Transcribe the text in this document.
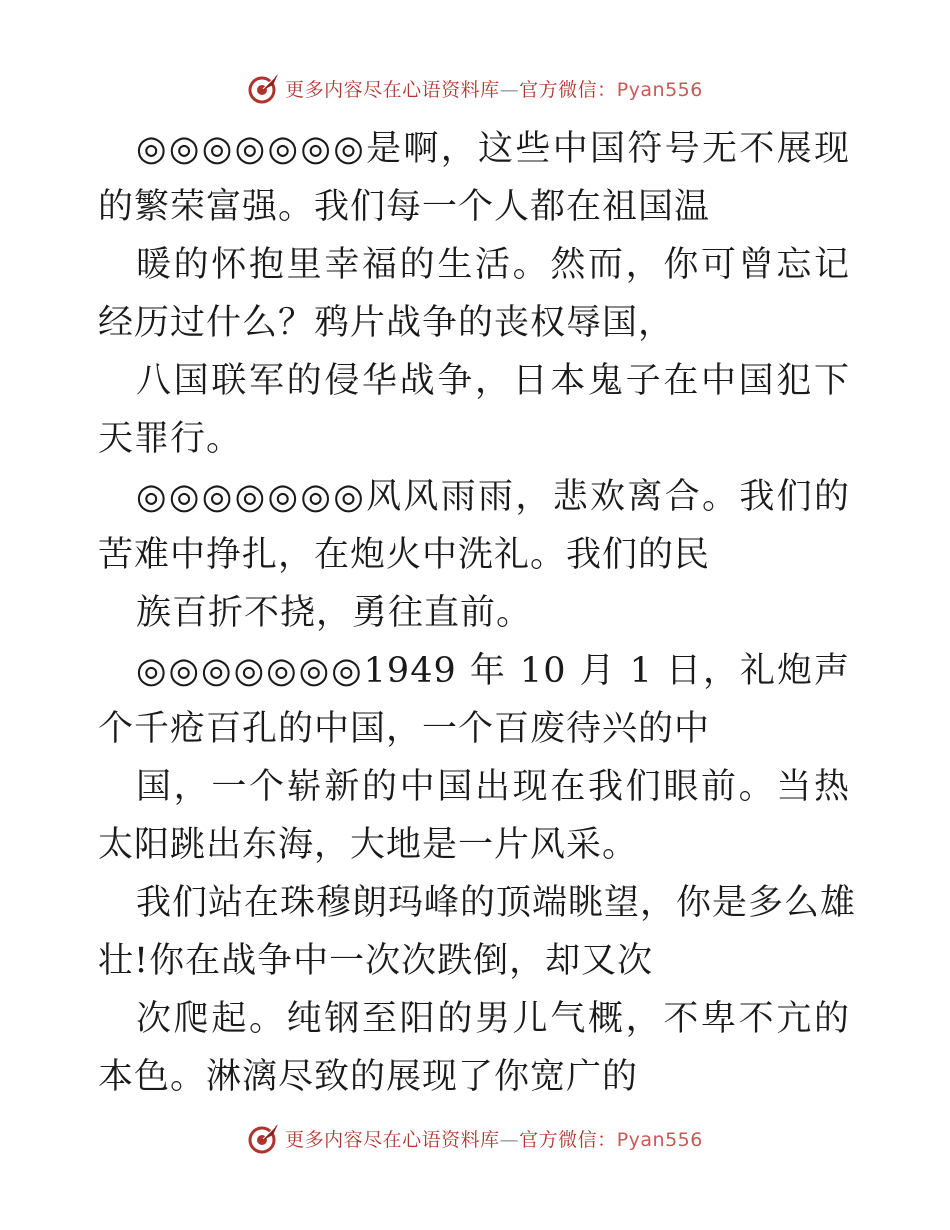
更多内容尽在心语资料库—官方微信：Pyan556
◎◎◎◎◎◎◎是啊，这些中国符号无不展现
的繁荣富强。我们每一个人都在祖国温
暖的怀抱里幸福的生活。然而，你可曾忘记
经历过什么？鸦片战争的丧权辱国，
八国联军的侵华战争，日本鬼子在中国犯下
天罪行。
◎◎◎◎◎◎◎风风雨雨，悲欢离合。我们的
苦难中挣扎，在炮火中洗礼。我们的民
族百折不挠，勇往直前。
◎◎◎◎◎◎◎1949 年 10 月 1 日，礼炮声
个千疮百孔的中国，一个百废待兴的中
国，一个崭新的中国出现在我们眼前。当热
太阳跳出东海，大地是一片风采。
我们站在珠穆朗玛峰的顶端眺望，你是多么雄
壮!你在战争中一次次跌倒，却又次
次爬起。纯钢至阳的男儿气概，不卑不亢的
本色。淋漓尽致的展现了你宽广的
更多内容尽在心语资料库—官方微信：Pyan556
